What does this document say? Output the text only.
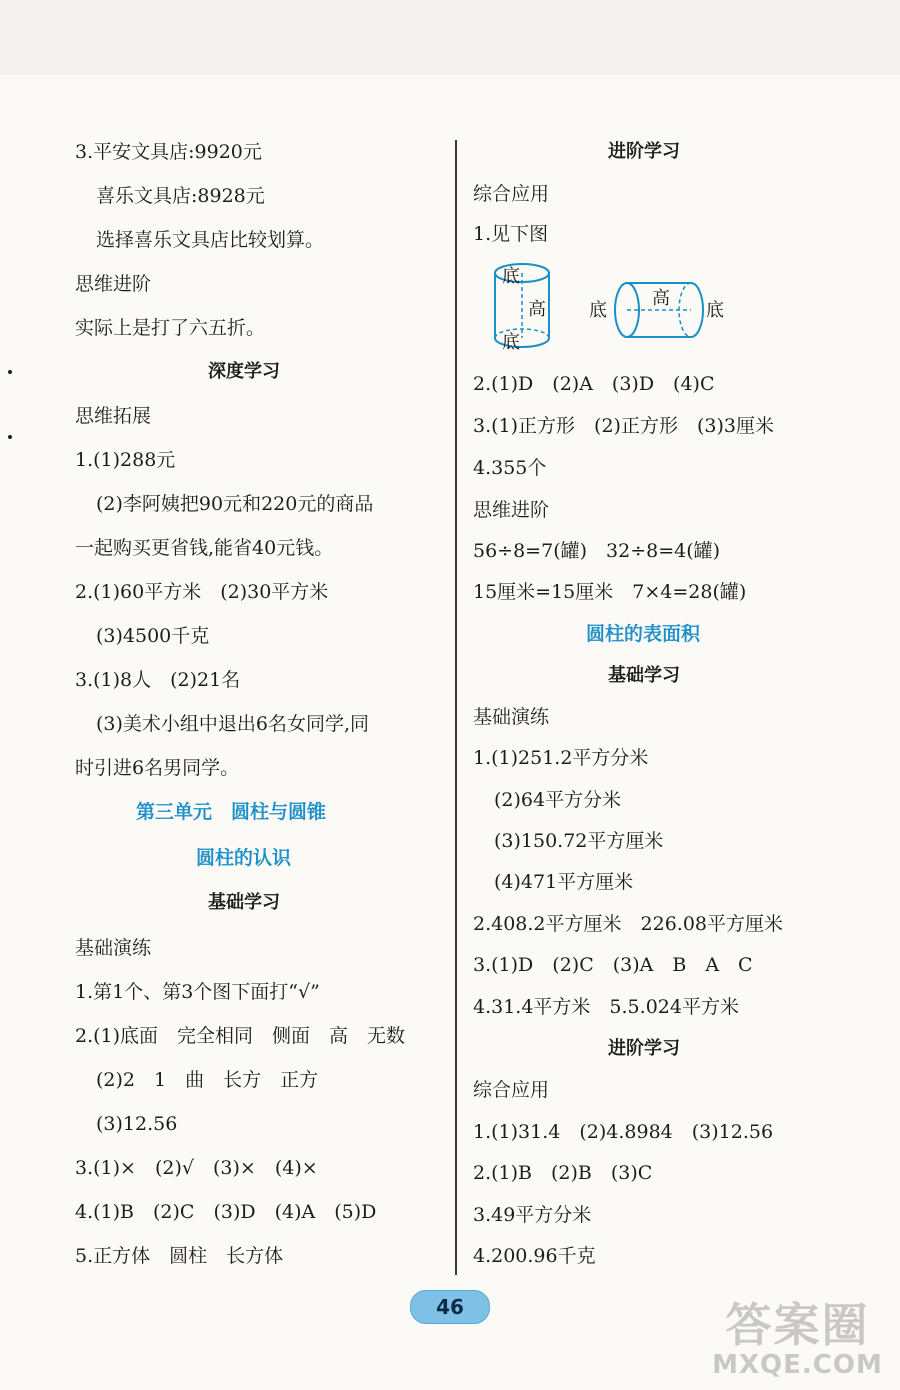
3.平安文具店:9920元
喜乐文具店:8928元
选择喜乐文具店比较划算。
思维进阶
实际上是打了六五折。
深度学习
思维拓展
1.(1)288元
(2)李阿姨把90元和220元的商品
一起购买更省钱,能省40元钱。
2.(1)60平方米　(2)30平方米
(3)4500千克
3.(1)8人　(2)21名
(3)美术小组中退出6名女同学,同
时引进6名男同学。
第三单元　圆柱与圆锥
圆柱的认识
基础学习
基础演练
1.第1个、第3个图下面打“√”
2.(1)底面　完全相同　侧面　高　无数
(2)2　1　曲　长方　正方
(3)12.56
3.(1)×　(2)√　(3)×　(4)×
4.(1)B　(2)C　(3)D　(4)A　(5)D
5.正方体　圆柱　长方体
进阶学习
综合应用
1.见下图
底
高
底
底
高
底
2.(1)D　(2)A　(3)D　(4)C
3.(1)正方形　(2)正方形　(3)3厘米
4.355个
思维进阶
56÷8=7(罐)　32÷8=4(罐)
15厘米=15厘米　7×4=28(罐)
圆柱的表面积
基础学习
基础演练
1.(1)251.2平方分米
(2)64平方分米
(3)150.72平方厘米
(4)471平方厘米
2.408.2平方厘米　226.08平方厘米
3.(1)D　(2)C　(3)A　B　A　C
4.31.4平方米　5.5.024平方米
进阶学习
综合应用
1.(1)31.4　(2)4.8984　(3)12.56
2.(1)B　(2)B　(3)C
3.49平方分米
4.200.96千克
46	答案圈
MXQE.COM
